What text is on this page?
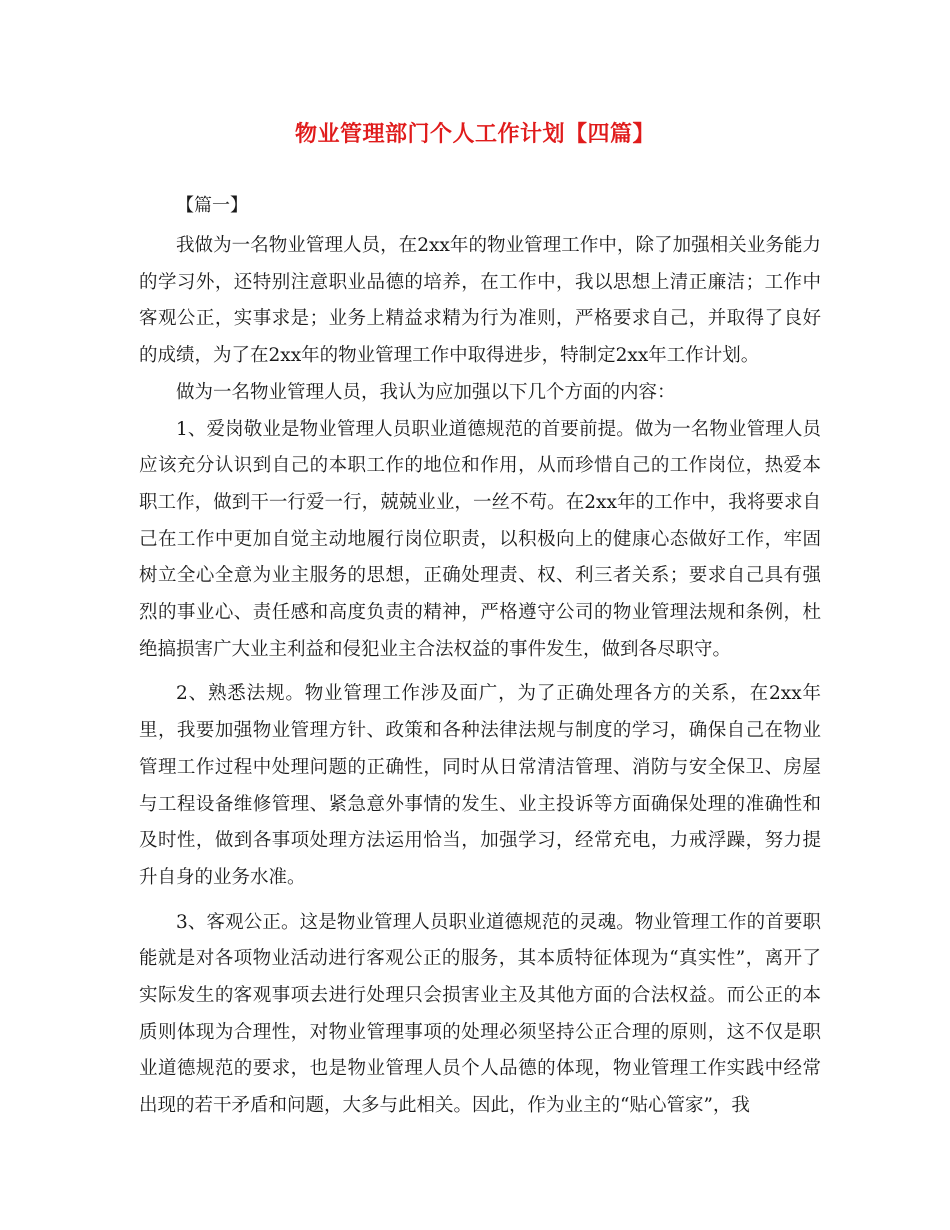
物业管理部门个人工作计划【四篇】

【篇一】

我做为一名物业管理人员，在2xx年的物业管理工作中，除了加强相关业务能力的学习外，还特别注意职业品德的培养，在工作中，我以思想上清正廉洁；工作中客观公正，实事求是；业务上精益求精为行为准则，严格要求自己，并取得了良好的成绩，为了在2xx年的物业管理工作中取得进步，特制定2xx年工作计划。

做为一名物业管理人员，我认为应加强以下几个方面的内容：

1、爱岗敬业是物业管理人员职业道德规范的首要前提。做为一名物业管理人员应该充分认识到自己的本职工作的地位和作用，从而珍惜自己的工作岗位，热爱本职工作，做到干一行爱一行，兢兢业业，一丝不苟。在2xx年的工作中，我将要求自己在工作中更加自觉主动地履行岗位职责，以积极向上的健康心态做好工作，牢固树立全心全意为业主服务的思想，正确处理责、权、利三者关系；要求自己具有强烈的事业心、责任感和高度负责的精神，严格遵守公司的物业管理法规和条例，杜绝搞损害广大业主利益和侵犯业主合法权益的事件发生，做到各尽职守。

2、熟悉法规。物业管理工作涉及面广，为了正确处理各方的关系，在2xx年里，我要加强物业管理方针、政策和各种法律法规与制度的学习，确保自己在物业管理工作过程中处理问题的正确性，同时从日常清洁管理、消防与安全保卫、房屋与工程设备维修管理、紧急意外事情的发生、业主投诉等方面确保处理的准确性和及时性，做到各事项处理方法运用恰当，加强学习，经常充电，力戒浮躁，努力提升自身的业务水准。

3、客观公正。这是物业管理人员职业道德规范的灵魂。物业管理工作的首要职能就是对各项物业活动进行客观公正的服务，其本质特征体现为“真实性”，离开了实际发生的客观事项去进行处理只会损害业主及其他方面的合法权益。而公正的本质则体现为合理性，对物业管理事项的处理必须坚持公正合理的原则，这不仅是职业道德规范的要求，也是物业管理人员个人品德的体现，物业管理工作实践中经常出现的若干矛盾和问题，大多与此相关。因此，作为业主的“贴心管家”，我
